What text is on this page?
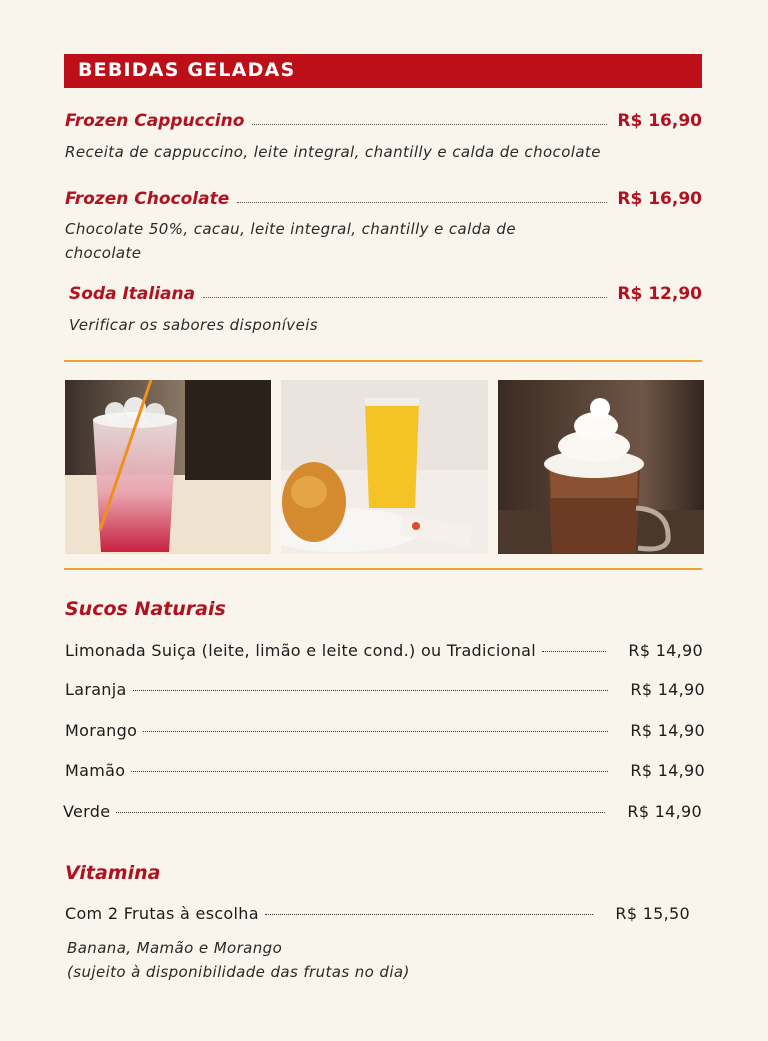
BEBIDAS GELADAS
Frozen Cappuccino	R$ 16,90
Receita de cappuccino, leite integral, chantilly e calda de chocolate
Frozen Chocolate	R$ 16,90
Chocolate 50%, cacau, leite integral, chantilly e calda de chocolate
Soda Italiana	R$ 12,90
Verificar os sabores disponíveis
Sucos Naturais
Limonada Suiça (leite, limão e leite cond.) ou Tradicional	R$ 14,90
Laranja	R$ 14,90
Morango	R$ 14,90
Mamão	R$ 14,90
Verde	R$ 14,90
Vitamina
Com 2 Frutas à escolha	R$ 15,50
Banana, Mamão e Morango
(sujeito à disponibilidade das frutas no dia)
